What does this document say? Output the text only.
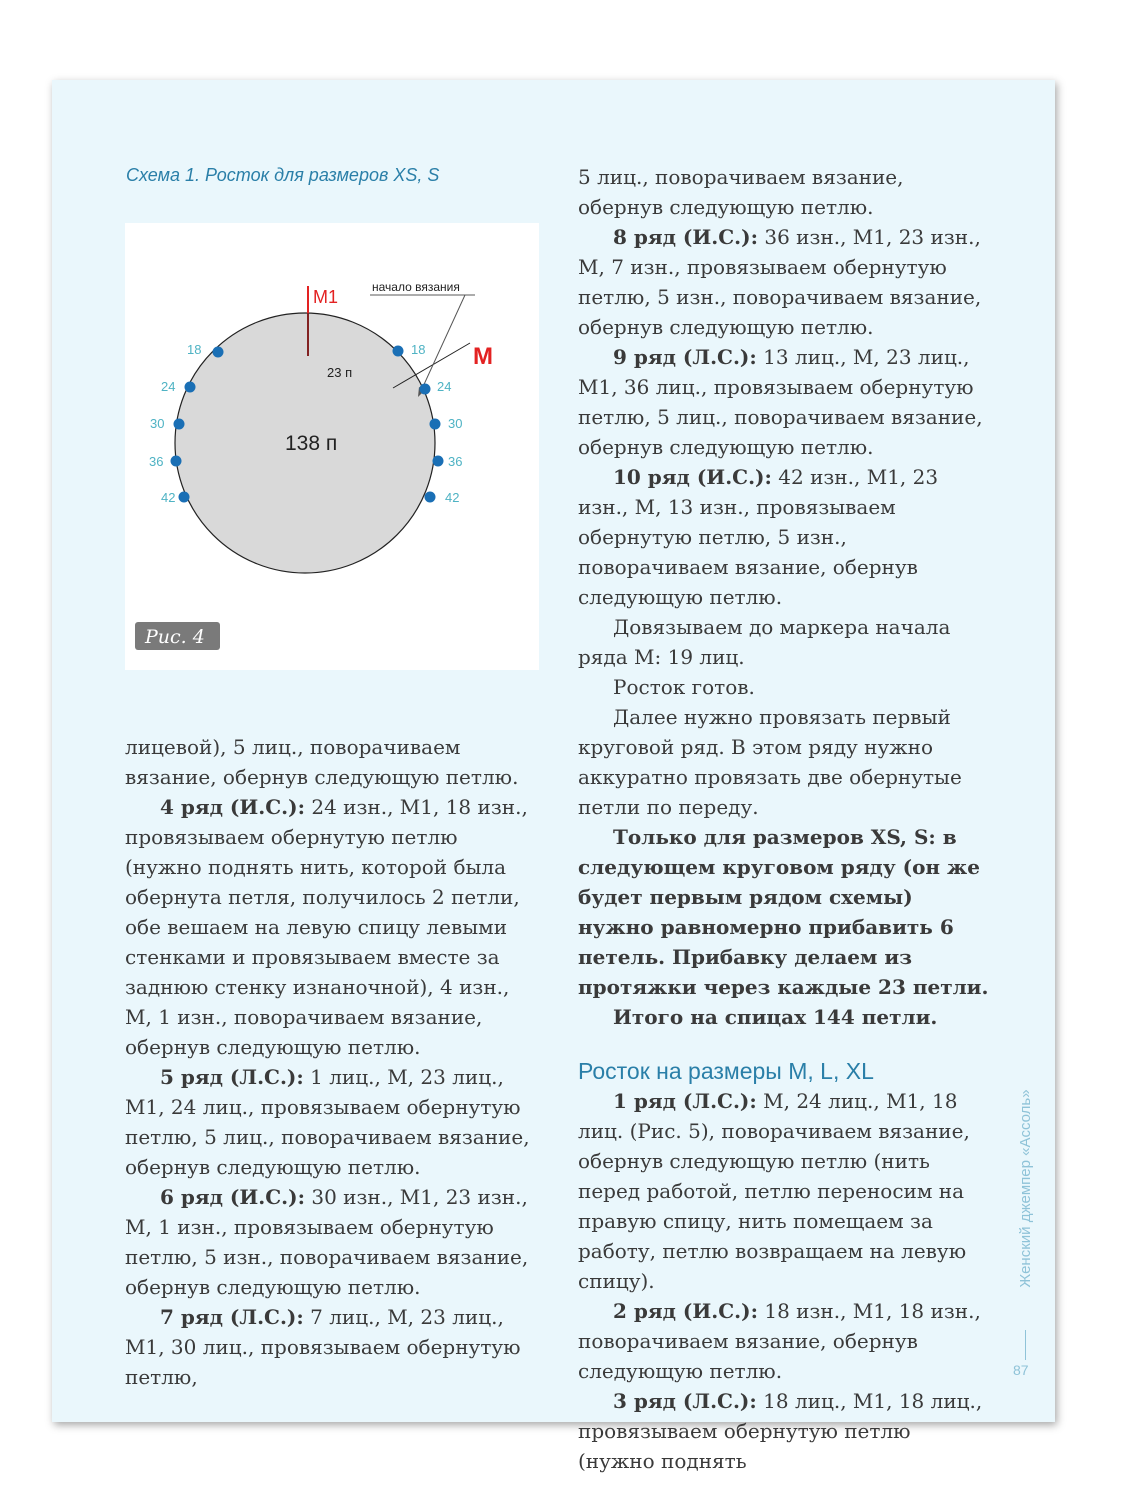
Схема 1. Росток для размеров XS, S
М1
М
начало вязания
23 п
138 п
18
24
30
36
42
18
24
30
36
42
Рис. 4

лицевой), 5 лиц., поворачиваем вязание, обернув следующую петлю.

4 ряд (И.С.): 24 изн., М1, 18 изн., провязываем обернутую петлю (нужно поднять нить, которой была обернута петля, получилось 2 петли, обе вешаем на левую спицу левыми стенками и провязываем вместе за заднюю стенку изнаночной), 4 изн., М, 1 изн., поворачиваем вязание, обернув следующую петлю.

5 ряд (Л.С.): 1 лиц., М, 23 лиц., М1, 24 лиц., провязываем обернутую петлю, 5 лиц., поворачиваем вязание, обернув следующую петлю.

6 ряд (И.С.): 30 изн., М1, 23 изн., М, 1 изн., провязываем обернутую петлю, 5 изн., поворачиваем вязание, обернув следующую петлю.

7 ряд (Л.С.): 7 лиц., М, 23 лиц., М1, 30 лиц., провязываем обернутую петлю,

5 лиц., поворачиваем вязание, обернув следующую петлю.

8 ряд (И.С.): 36 изн., М1, 23 изн., М, 7 изн., провязываем обернутую петлю, 5 изн., поворачиваем вязание, обернув следующую петлю.

9 ряд (Л.С.): 13 лиц., М, 23 лиц., М1, 36 лиц., провязываем обернутую петлю, 5 лиц., поворачиваем вязание, обернув следующую петлю.

10 ряд (И.С.): 42 изн., М1, 23 изн., М, 13 изн., провязываем обернутую петлю, 5 изн., поворачиваем вязание, обернув следующую петлю.

Довязываем до маркера начала ряда М: 19 лиц.

Росток готов.

Далее нужно провязать первый круговой ряд. В этом ряду нужно аккуратно провязать две обернутые петли по переду.

Только для размеров XS, S: в следующем круговом ряду (он же будет первым рядом схемы) нужно равномерно прибавить 6 петель. Прибавку делаем из протяжки через каждые 23 петли.

Итого на спицах 144 петли.

Росток на размеры M, L, XL

1 ряд (Л.С.): М, 24 лиц., М1, 18 лиц. (Рис. 5), поворачиваем вязание, обернув следующую петлю (нить перед работой, петлю переносим на правую спицу, нить помещаем за работу, петлю возвращаем на левую спицу).

2 ряд (И.С.): 18 изн., М1, 18 изн., поворачиваем вязание, обернув следующую петлю.

3 ряд (Л.С.): 18 лиц., М1, 18 лиц., провязываем обернутую петлю (нужно поднять

Женский джемпер «Ассоль»
87
